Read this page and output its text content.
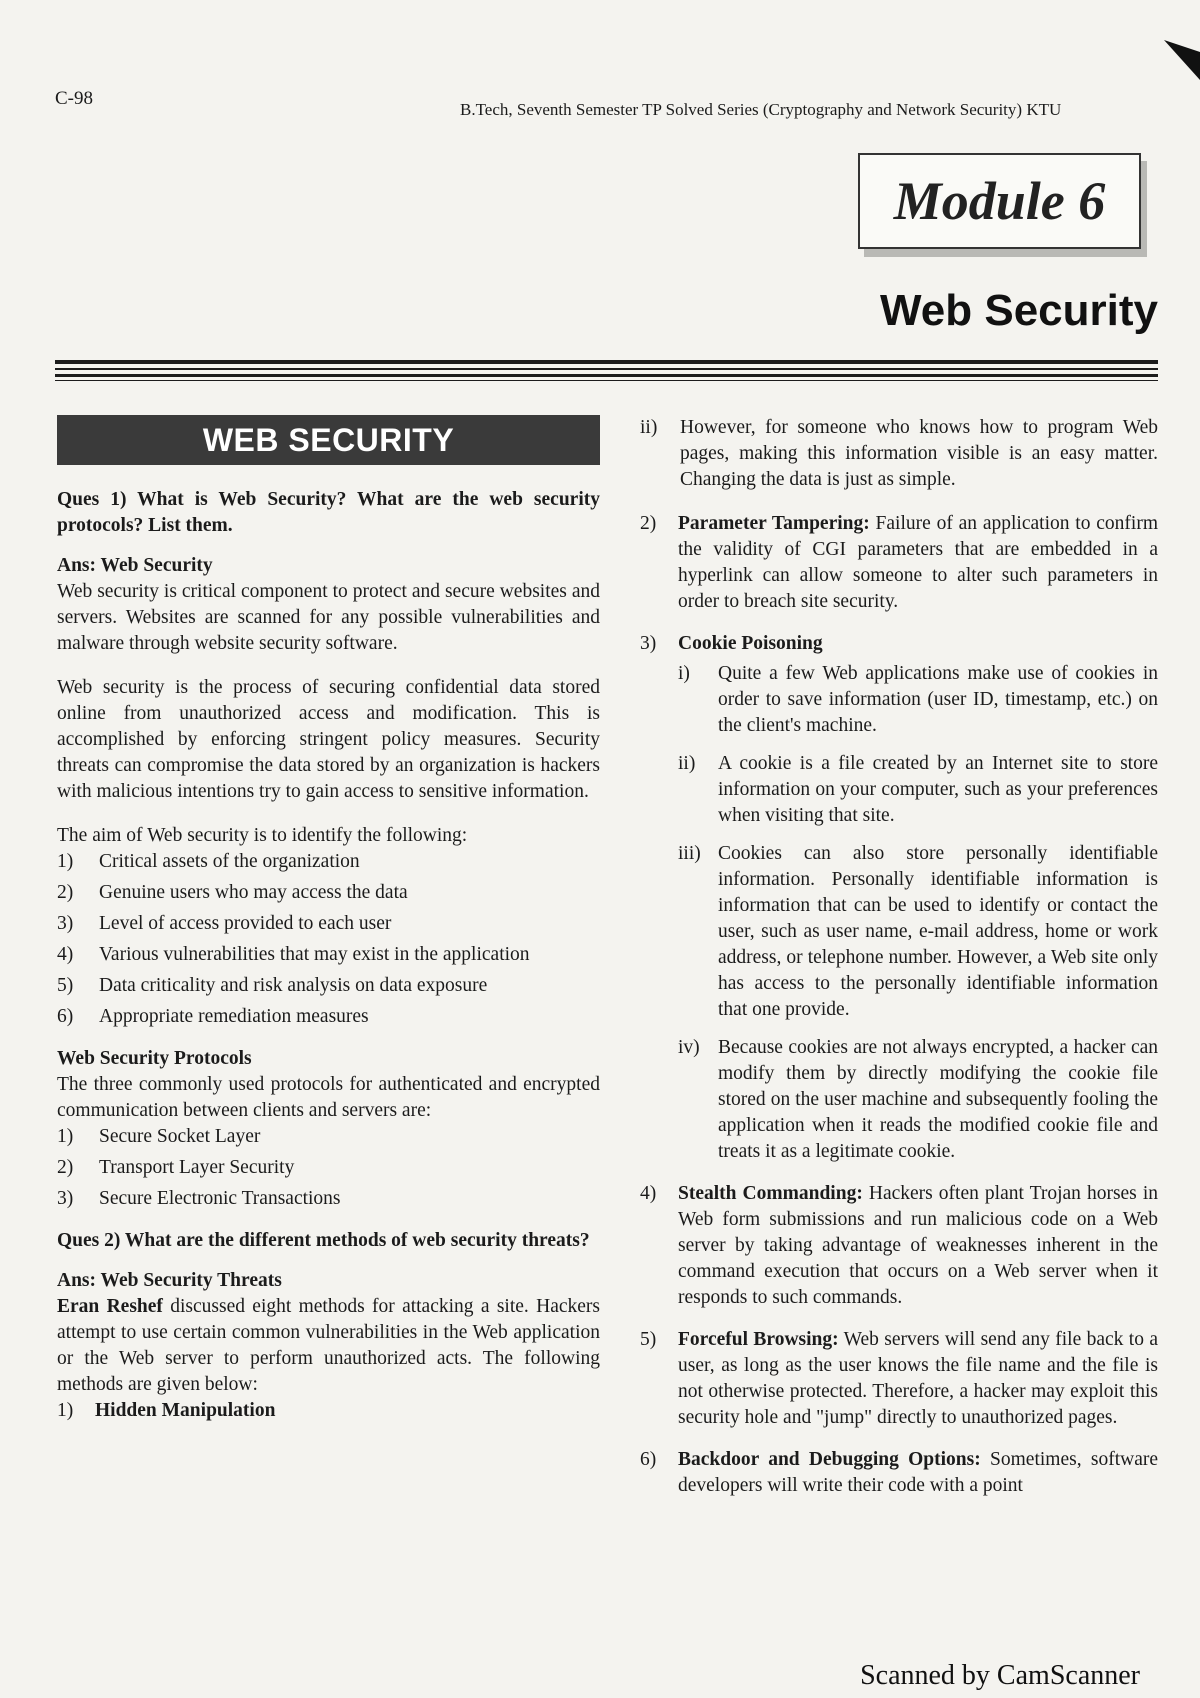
C-98
B.Tech, Seventh Semester TP Solved Series (Cryptography and Network Security) KTU
Module 6
Web Security
WEB SECURITY
Ques 1) What is Web Security? What are the web security protocols? List them.
Ans: Web Security

Web security is critical component to protect and secure websites and servers. Websites are scanned for any possible vulnerabilities and malware through website security software.

Web security is the process of securing confidential data stored online from unauthorized access and modification. This is accomplished by enforcing stringent policy measures. Security threats can compromise the data stored by an organization is hackers with malicious intentions try to gain access to sensitive information.

The aim of Web security is to identify the following:

1)	Critical assets of the organization
2)	Genuine users who may access the data
3)	Level of access provided to each user
4)	Various vulnerabilities that may exist in the application
5)	Data criticality and risk analysis on data exposure
6)	Appropriate remediation measures
Web Security Protocols

The three commonly used protocols for authenticated and encrypted communication between clients and servers are:

1)	Secure Socket Layer
2)	Transport Layer Security
3)	Secure Electronic Transactions
Ques 2) What are the different methods of web security threats?
Ans: Web Security Threats

Eran Reshef discussed eight methods for attacking a site. Hackers attempt to use certain common vulnerabilities in the Web application or the Web server to perform unauthorized acts. The following methods are given below:

1)	Hidden Manipulation
ii)	However, for someone who knows how to program Web pages, making this information visible is an easy matter. Changing the data is just as simple.
2)	Parameter Tampering: Failure of an application to confirm the validity of CGI parameters that are embedded in a hyperlink can allow someone to alter such parameters in order to breach site security.
3)	Cookie Poisoning
i)	Quite a few Web applications make use of cookies in order to save information (user ID, timestamp, etc.) on the client's machine.
ii)	A cookie is a file created by an Internet site to store information on your computer, such as your preferences when visiting that site.
iii) Cookies can also store personally identifiable information. Personally identifiable information is information that can be used to identify or contact the user, such as user name, e-mail address, home or work address, or telephone number. However, a Web site only has access to the personally identifiable information that one provide.
iv) Because cookies are not always encrypted, a hacker can modify them by directly modifying the cookie file stored on the user machine and subsequently fooling the application when it reads the modified cookie file and treats it as a legitimate cookie.
4)	Stealth Commanding: Hackers often plant Trojan horses in Web form submissions and run malicious code on a Web server by taking advantage of weaknesses inherent in the command execution that occurs on a Web server when it responds to such commands.
5)	Forceful Browsing: Web servers will send any file back to a user, as long as the user knows the file name and the file is not otherwise protected. Therefore, a hacker may exploit this security hole and "jump" directly to unauthorized pages.
6)	Backdoor and Debugging Options: Sometimes, software developers will write their code with a point
Scanned by CamScanner
